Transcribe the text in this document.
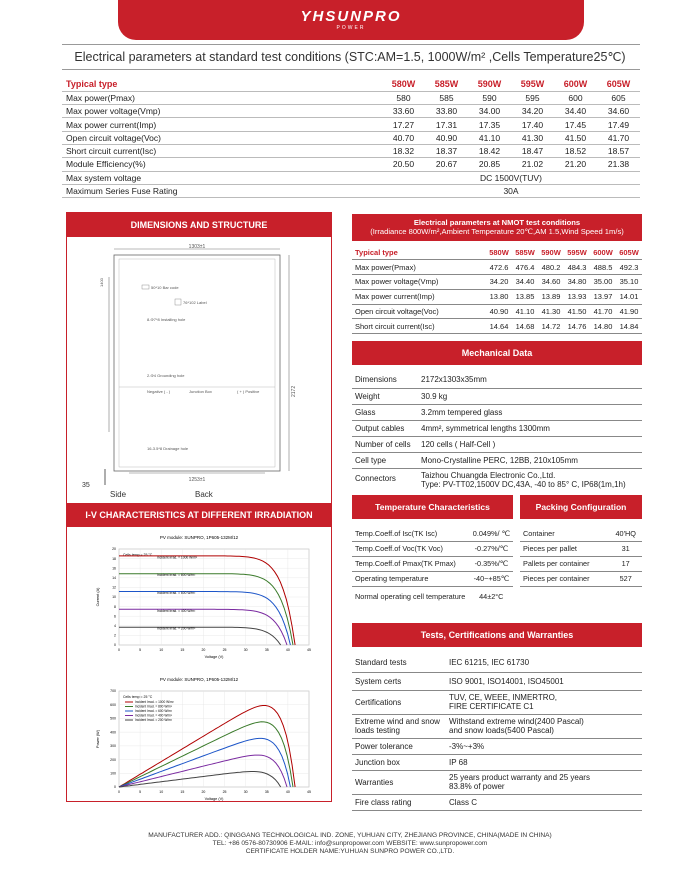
YHSUNPRO
POWER
Electrical parameters at standard test conditions (STC:AM=1.5, 1000W/m² ,Cells Temperature25℃)
Typical type	580W	585W	590W	595W	600W	605W
Max power(Pmax)	580	585	590	595	600	605
Max power voltage(Vmp)	33.60	33.80	34.00	34.20	34.40	34.60
Max power current(Imp)	17.27	17.31	17.35	17.40	17.45	17.49
Open circuit voltage(Voc)	40.70	40.90	41.10	41.30	41.50	41.70
Short circuit current(Isc)	18.32	18.37	18.42	18.47	18.52	18.57
Module Efficiency(%)	20.50	20.67	20.85	21.02	21.20	21.38
Max system voltage	DC 1500V(TUV)					
Maximum Series Fuse Rating	30A					
DIMENSIONS AND STRUCTURE
1303±1
50*10 Bar code
76*102 Label
8-Φ7*8 Installing hole
2-Φ4 Grounding hole
Negative ( - )	Junction Box	( + ) Positive
16-3.5*8 Drainage hole
1253±1
1400
2172
35
Side	Back
I-V CHARACTERISTICS AT DIFFERENT IRRADIATION
PV module: SUNPRO, 1P605-132M/12
0	5	10	15	20	25	30	35	40	45
0
2
4
6
8
10
12
14
16
18
20
Voltage (V)
Current (A)
Cells temp = 25 °C
Incident Irrad. = 1000 W/m²
Incident Irrad. = 800 W/m²
Incident Irrad. = 600 W/m²
Incident Irrad. = 400 W/m²
Incident Irrad. = 200 W/m²
PV module: SUNPRO, 1P605-132M/12
0	5	10	15	20	25	30	35	40	45
0
100
200
300
400
500
600
700
Voltage (V)
Power (W)
Cells temp = 25 °C
Incident Irrad. = 1000 W/m²
Incident Irrad. = 800 W/m²
Incident Irrad. = 600 W/m²
Incident Irrad. = 400 W/m²
Incident Irrad. = 200 W/m²
Electrical parameters at NMOT test conditions
(Irradiance 800W/m²,Ambient Temperature 20℃,AM 1.5,Wind Speed 1m/s)
Typical type	580W	585W	590W	595W	600W	605W
Max power(Pmax)	472.6	476.4	480.2	484.3	488.5	492.3
Max power voltage(Vmp)	34.20	34.40	34.60	34.80	35.00	35.10
Max power current(Imp)	13.80	13.85	13.89	13.93	13.97	14.01
Open circuit voltage(Voc)	40.90	41.10	41.30	41.50	41.70	41.90
Short circuit current(Isc)	14.64	14.68	14.72	14.76	14.80	14.84
Mechanical Data
Dimensions	2172x1303x35mm
Weight	30.9 kg
Glass	3.2mm tempered glass
Output cables	4mm², symmetrical lengths 1300mm
Number of cells	120 cells ( Half-Cell )
Cell type	Mono-Crystalline PERC, 12BB, 210x105mm
Connectors	Taizhou Chuangda Electronic Co.,Ltd.
Type: PV-TT02,1500V DC,43A, -40 to 85° C, IP68(1m,1h)
Temperature Characteristics
Temp.Coeff.of Isc(TK Isc)	0.049%/ ℃
Temp.Coeff.of Voc(TK Voc)	-0.27%/℃
Temp.Coeff.of Pmax(TK Pmax)	-0.35%/℃
Operating temperature	-40~+85℃
Normal operating cell temperature	44±2°C
Packing Configuration
Container	40'HQ
Pieces per pallet	31
Pallets per container	17
Pieces per container	527
Tests, Certifications and Warranties
Standard tests	IEC 61215, IEC 61730
System certs	ISO 9001, ISO14001, ISO45001
Certifications	TUV, CE, WEEE, INMERTRO,
FIRE CERTIFICATE C1
Extreme wind and snow loads testing	Withstand extreme wind(2400 Pascal)
and snow loads(5400 Pascal)
Power tolerance	-3%~+3%
Junction box	IP 68
Warranties	25 years product warranty and 25 years
83.8% of power
Fire class rating	Class C
MANUFACTURER ADD.: QINGGANG TECHNOLOGICAL IND. ZONE, YUHUAN CITY, ZHEJIANG PROVINCE, CHINA(MADE IN CHINA)
TEL: +86 0576-80730906 E-MAIL: info@sunpropower.com WEBSITE: www.sunpropower.com
CERTIFICATE HOLDER NAME:YUHUAN SUNPRO POWER CO.,LTD.
